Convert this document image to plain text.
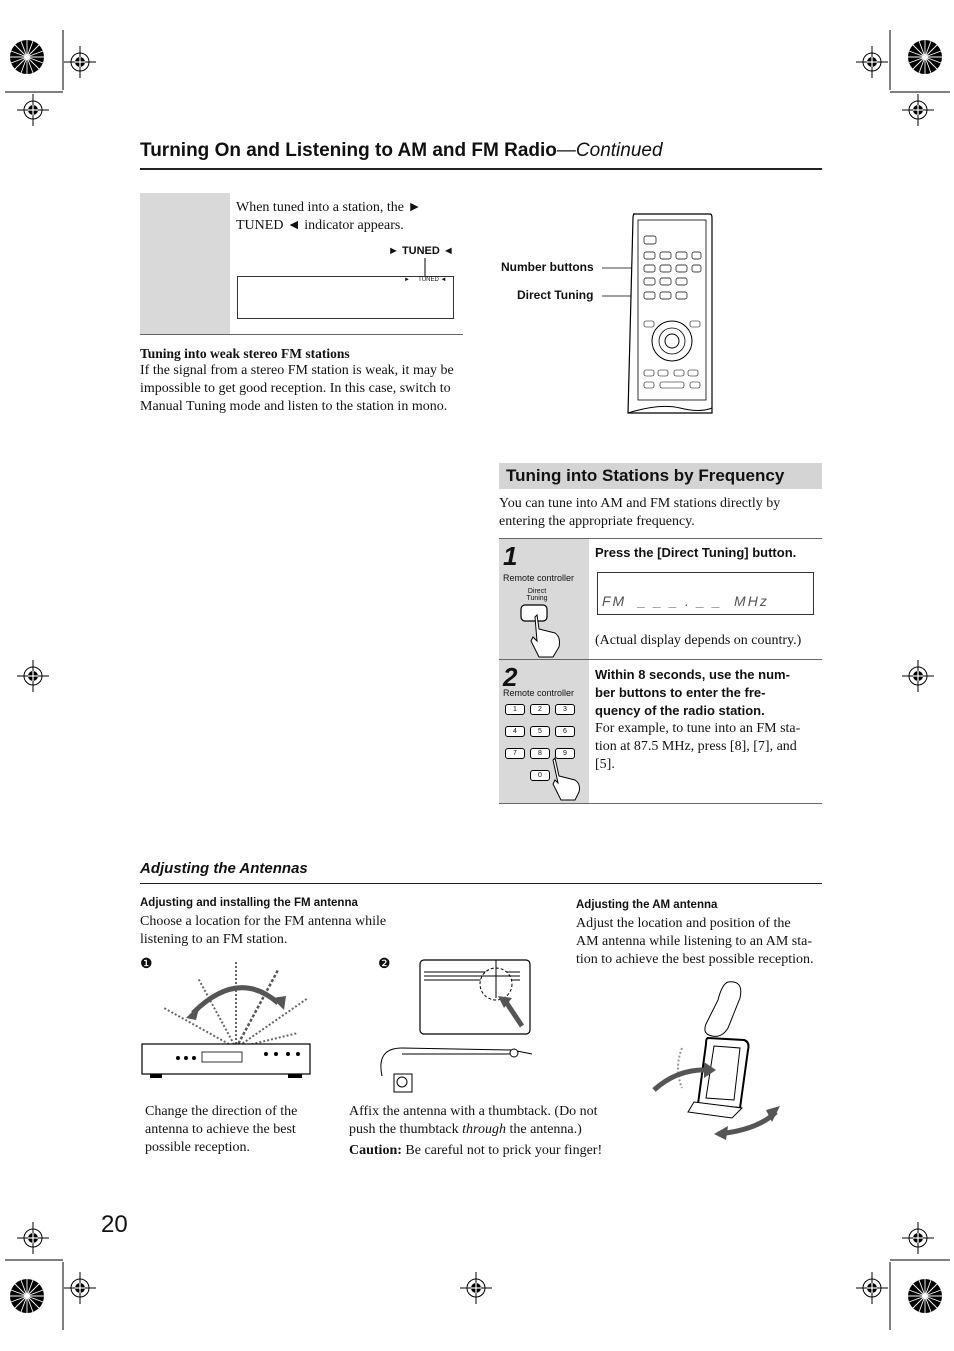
Turning On and Listening to AM and FM Radio—Continued
When tuned into a station, the ► TUNED ◄ indicator appears.
► TUNED ◄
►     TUNED ◄
Tuning into weak stereo FM stations
If the signal from a stereo FM station is weak, it may be impossible to get good reception. In this case, switch to Manual Tuning mode and listen to the station in mono.
Number buttons
Direct Tuning
Tuning into Stations by Frequency
You can tune into AM and FM stations directly by entering the appropriate frequency.
1
Remote controller
Direct Tuning
Press the [Direct Tuning] button.
FM  _ _ _ . _ _  MHz
(Actual display depends on country.)
2
Remote controller
1	2	3
4	5	6
7	8	9
0
Within 8 seconds, use the num-
ber buttons to enter the fre-
quency of the radio station.
For example, to tune into an FM sta-
tion at 87.5 MHz, press [8], [7], and
[5].
Adjusting the Antennas
Adjusting and installing the FM antenna
Choose a location for the FM antenna while listening to an FM station.
Adjusting the AM antenna
Adjust the location and position of the
AM antenna while listening to an AM sta-
tion to achieve the best possible reception.
❶
Change the direction of the antenna to achieve the best possible reception.
❷
Affix the antenna with a thumbtack. (Do not push the thumbtack through the antenna.)
Caution: Be careful not to prick your finger!
20
